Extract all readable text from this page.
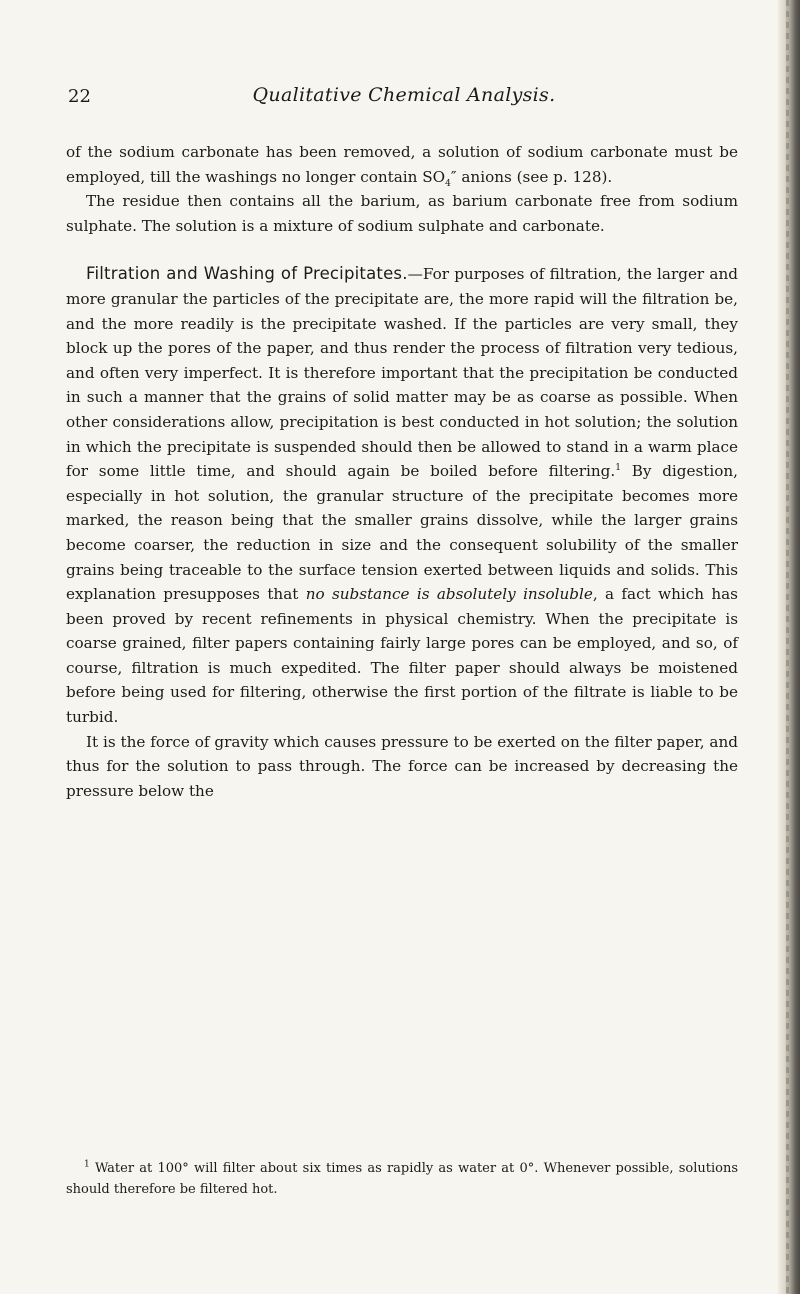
22	Qualitative Chemical Analysis.

of the sodium carbonate has been removed, a solution of sodium carbonate must be employed, till the washings no longer contain $SO_4''$ anions (see p. 128).

The residue then contains all the barium, as barium carbonate free from sodium sulphate. The solution is a mixture of sodium sulphate and carbonate.

Filtration and Washing of Precipitates.—For purposes of filtration, the larger and more granular the particles of the precipitate are, the more rapid will the filtration be, and the more readily is the precipitate washed. If the particles are very small, they block up the pores of the paper, and thus render the process of filtration very tedious, and often very imperfect. It is therefore important that the precipitation be conducted in such a manner that the grains of solid matter may be as coarse as possible. When other considerations allow, precipitation is best conducted in hot solution; the solution in which the precipitate is suspended should then be allowed to stand in a warm place for some little time, and should again be boiled before filtering.$^1$ By digestion, especially in hot solution, the granular structure of the precipitate becomes more marked, the reason being that the smaller grains dissolve, while the larger grains become coarser, the reduction in size and the consequent solubility of the smaller grains being traceable to the surface tension exerted between liquids and solids. This explanation presupposes that no substance is absolutely insoluble, a fact which has been proved by recent refinements in physical chemistry. When the precipitate is coarse grained, filter papers containing fairly large pores can be employed, and so, of course, filtration is much expedited. The filter paper should always be moistened before being used for filtering, otherwise the first portion of the filtrate is liable to be turbid.

It is the force of gravity which causes pressure to be exerted on the filter paper, and thus for the solution to pass through. The force can be increased by decreasing the pressure below the

$^1$ Water at 100° will filter about six times as rapidly as water at 0°. Whenever possible, solutions should therefore be filtered hot.
